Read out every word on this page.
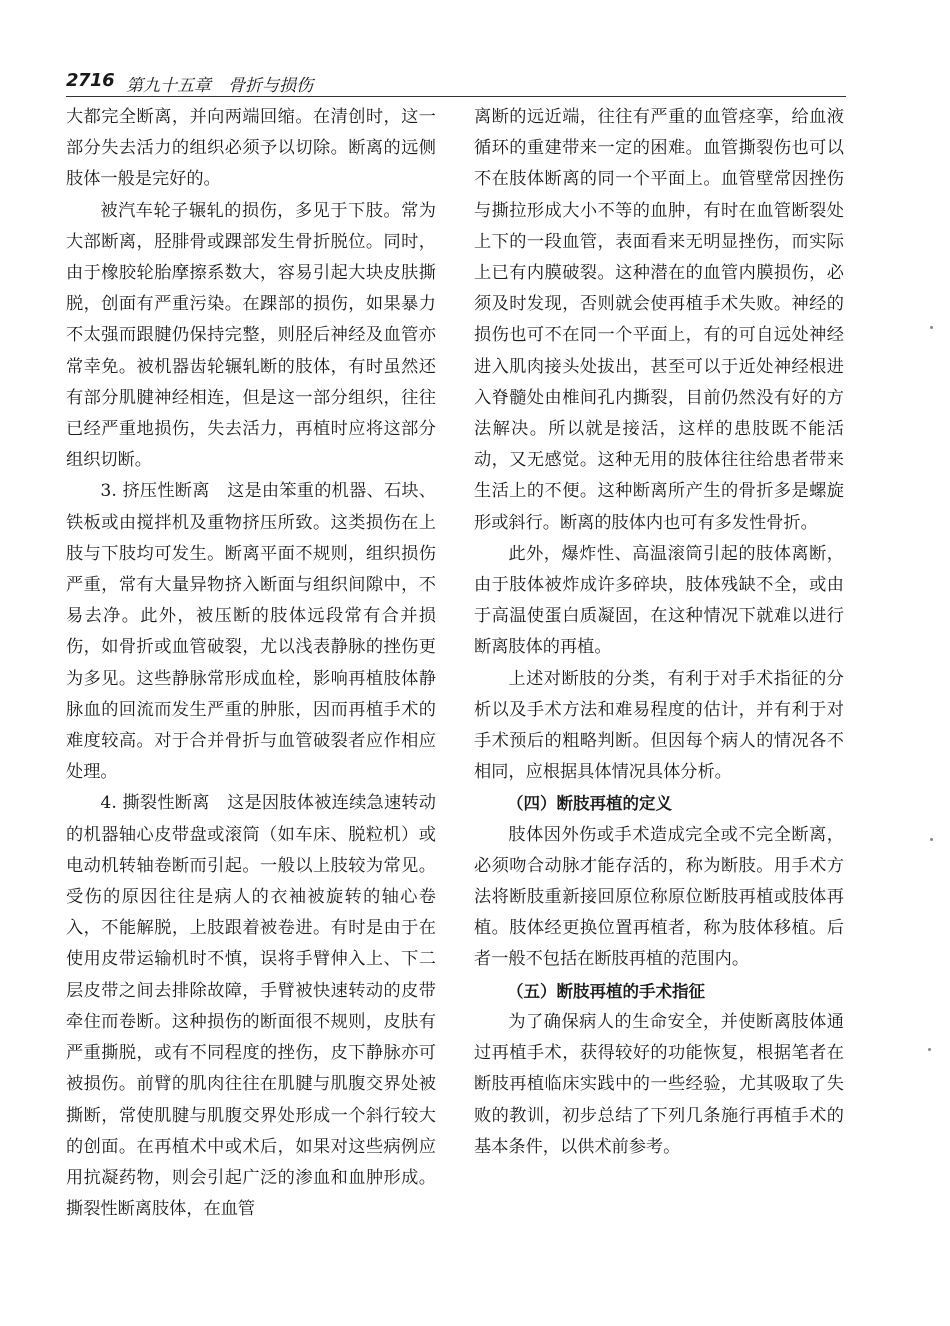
2716 第九十五章　骨折与损伤

大都完全断离，并向两端回缩。在清创时，这一部分失去活力的组织必须予以切除。断离的远侧肢体一般是完好的。

被汽车轮子辗轧的损伤，多见于下肢。常为大部断离，胫腓骨或踝部发生骨折脱位。同时，由于橡胶轮胎摩擦系数大，容易引起大块皮肤撕脱，创面有严重污染。在踝部的损伤，如果暴力不太强而跟腱仍保持完整，则胫后神经及血管亦常幸免。被机器齿轮辗轧断的肢体，有时虽然还有部分肌腱神经相连，但是这一部分组织，往往已经严重地损伤，失去活力，再植时应将这部分组织切断。

3. 挤压性断离　这是由笨重的机器、石块、铁板或由搅拌机及重物挤压所致。这类损伤在上肢与下肢均可发生。断离平面不规则，组织损伤严重，常有大量异物挤入断面与组织间隙中，不易去净。此外，被压断的肢体远段常有合并损伤，如骨折或血管破裂，尤以浅表静脉的挫伤更为多见。这些静脉常形成血栓，影响再植肢体静脉血的回流而发生严重的肿胀，因而再植手术的难度较高。对于合并骨折与血管破裂者应作相应处理。

4. 撕裂性断离　这是因肢体被连续急速转动的机器轴心皮带盘或滚筒（如车床、脱粒机）或电动机转轴卷断而引起。一般以上肢较为常见。受伤的原因往往是病人的衣袖被旋转的轴心卷入，不能解脱，上肢跟着被卷进。有时是由于在使用皮带运输机时不慎，误将手臂伸入上、下二层皮带之间去排除故障，手臂被快速转动的皮带牵住而卷断。这种损伤的断面很不规则，皮肤有严重撕脱，或有不同程度的挫伤，皮下静脉亦可被损伤。前臂的肌肉往往在肌腱与肌腹交界处被撕断，常使肌腱与肌腹交界处形成一个斜行较大的创面。在再植术中或术后，如果对这些病例应用抗凝药物，则会引起广泛的渗血和血肿形成。撕裂性断离肢体，在血管

离断的远近端，往往有严重的血管痉挛，给血液循环的重建带来一定的困难。血管撕裂伤也可以不在肢体断离的同一个平面上。血管壁常因挫伤与撕拉形成大小不等的血肿，有时在血管断裂处上下的一段血管，表面看来无明显挫伤，而实际上已有内膜破裂。这种潜在的血管内膜损伤，必须及时发现，否则就会使再植手术失败。神经的损伤也可不在同一个平面上，有的可自远处神经进入肌肉接头处拔出，甚至可以于近处神经根进入脊髓处由椎间孔内撕裂，目前仍然没有好的方法解决。所以就是接活，这样的患肢既不能活动，又无感觉。这种无用的肢体往往给患者带来生活上的不便。这种断离所产生的骨折多是螺旋形或斜行。断离的肢体内也可有多发性骨折。

此外，爆炸性、高温滚筒引起的肢体离断，由于肢体被炸成许多碎块，肢体残缺不全，或由于高温使蛋白质凝固，在这种情况下就难以进行断离肢体的再植。

上述对断肢的分类，有利于对手术指征的分析以及手术方法和难易程度的估计，并有利于对手术预后的粗略判断。但因每个病人的情况各不相同，应根据具体情况具体分析。

（四）断肢再植的定义

肢体因外伤或手术造成完全或不完全断离，必须吻合动脉才能存活的，称为断肢。用手术方法将断肢重新接回原位称原位断肢再植或肢体再植。肢体经更换位置再植者，称为肢体移植。后者一般不包括在断肢再植的范围内。

（五）断肢再植的手术指征

为了确保病人的生命安全，并使断离肢体通过再植手术，获得较好的功能恢复，根据笔者在断肢再植临床实践中的一些经验，尤其吸取了失败的教训，初步总结了下列几条施行再植手术的基本条件，以供术前参考。
